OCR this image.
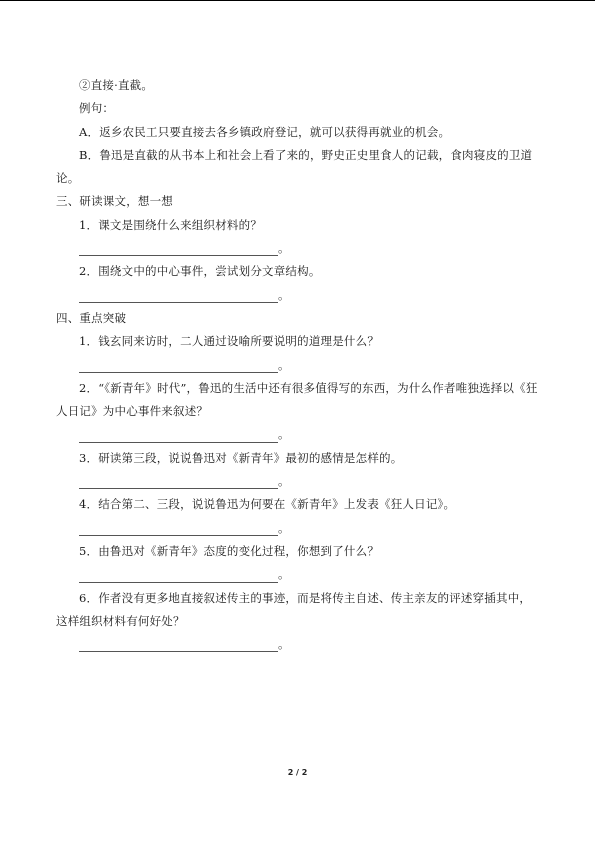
②直接·直截。
例句：
A．返乡农民工只要直接去各乡镇政府登记，就可以获得再就业的机会。
B．鲁迅是直截的从书本上和社会上看了来的，野史正史里食人的记载，食肉寝皮的卫道论。
三、研读课文，想一想
1．课文是围绕什么来组织材料的？
。
2．围绕文中的中心事件，尝试划分文章结构。
。
四、重点突破
1．钱玄同来访时，二人通过设喻所要说明的道理是什么？
。
2．“《新青年》时代”，鲁迅的生活中还有很多值得写的东西，为什么作者唯独选择以《狂人日记》为中心事件来叙述？
。
3．研读第三段，说说鲁迅对《新青年》最初的感情是怎样的。
。
4．结合第二、三段，说说鲁迅为何要在《新青年》上发表《狂人日记》。
。
5．由鲁迅对《新青年》态度的变化过程，你想到了什么？
。
6．作者没有更多地直接叙述传主的事迹，而是将传主自述、传主亲友的评述穿插其中，这样组织材料有何好处？
。
2 / 2
